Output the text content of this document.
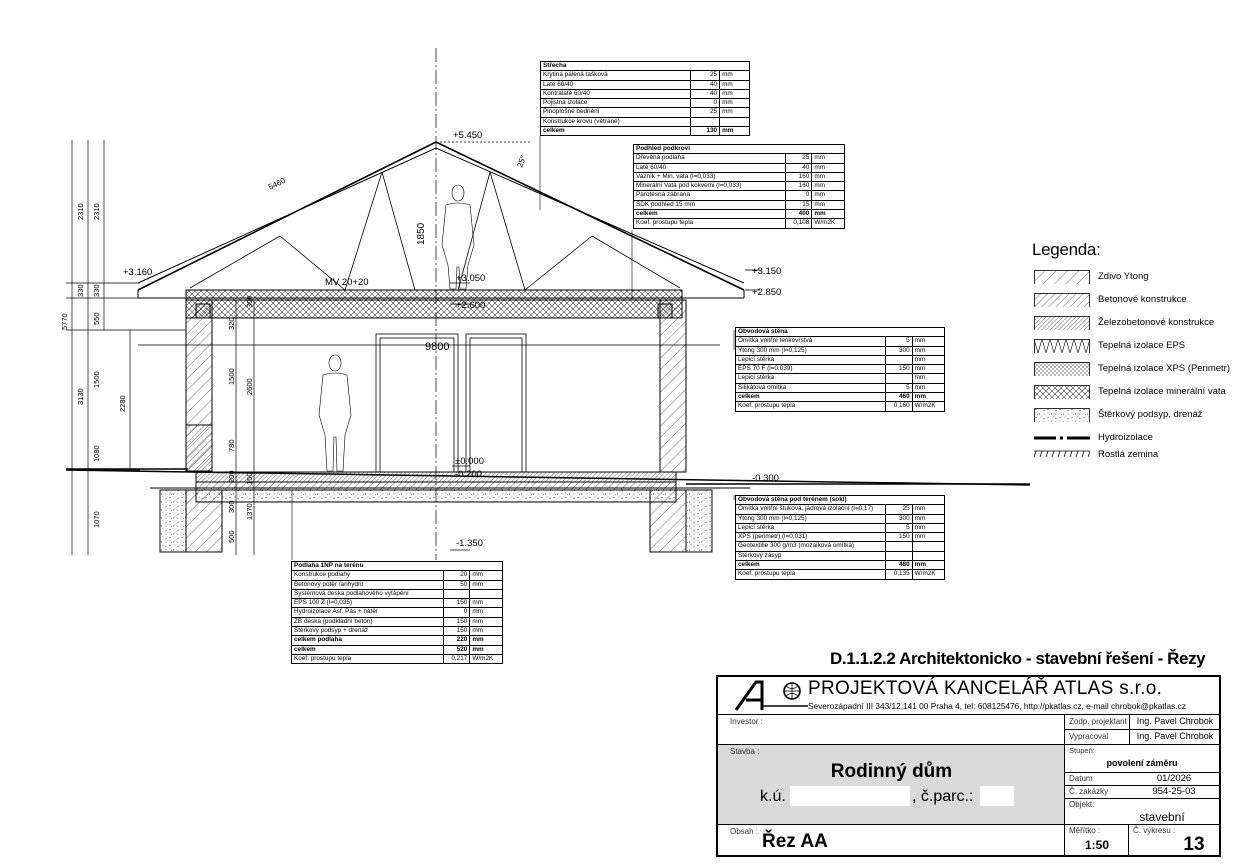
+5.450
+3.160
+3.050
+3.150
+2.850
+2.600
±0.000
-0.200	-0.300
-1.350
9800
MV 20+20
5460
25°
1850
5770
2310 2310
330 330
550
3130
1500
2280
1080
1070
320
300
1500
2600
780
200
300
150
500
1370
Střecha		
Krytina pálená tašková	25	mm
Latě 60/40	40	mm
Kontralatě 60/40	40	mm
Pojistná izolace	0	mm
Plnoplošné bednění	25	mm
Konstrukce krovu (větrané)		
celkem	130	mm
Podhled podkroví		
Dřevěná podlaha	25	mm
Latě 60/40	40	mm
Vazník + Min. vata (l=0,033)	160	mm
Minerální Vata pod kokvemi (l=0,033)	160	mm
Parotěsná zábrana	0	mm
SDK podhled 15 mm	15	mm
celkem	400	mm
Koef. prostupu tepla	0,108	W/m2K
Obvodová stěna		
Omítka vnitřní tenkovrstvá	5	mm
Ytong 300 mm (l=0,125)	300	mm
Lepicí stěrka		mm
EPS 70 F (l=0,039)	150	mm
Lepicí stěrka		mm
Silikátová omítka	5	mm
celkem	460	mm
Koef. prostupu tepla	0,160	W/m2K
Obvodová stěna pod terénem (sokl)		
Omítka vnitřní štuková, jádrová izolační (l=0,17)	25	mm
Ytong 300 mm (l=0,125)	300	mm
Lepicí stěrka	5	mm
XPS (perimetr) (l=0,031)	150	mm
Geotextilie 300 g/m3 (mozaiková omítka)		
Štěrkový zásyp		
celkem	480	mm
Koef. prostupu tepla	0,135	W/m2K
Podlaha 1NP na terénu		
Konstrukce podlahy	20	mm
Betonový potěr /anhydrit	50	mm
Systémová deska podlahového vytápění		
EPS 100 Z (l=0,035)	150	mm
Hydroizolace Asf. Pás + nátěr	0	mm
ŽB deska (podkladní beton)	150	mm
Štěrkový podsyp + drenáž	150	mm
celkem podlaha	220	mm
celkem	520	mm
Koef. prostupu tepla	0,217	W/m2K
Legenda:
Zdivo Ytong
Betonové konstrukce
Železobetonové konstrukce
Tepelná izolace EPS
Tepelná izolace XPS (Perimetr)
Tepelná izolace minerální vata
Štěrkový podsyp, drenáž
Hydroizolace
Rostlá zemina
D.1.1.2.2 Architektonicko - stavební řešení - Řezy
PROJEKTOVÁ KANCELÁŘ ATLAS s.r.o.
Severozápadní III 343/12,141 00 Praha 4, tel: 608125476, http://pkatlas.cz, e-mail chrobok@pkatlas.cz
Investor :
Stavba :
Rodinný dům
k.ú.	, č.parc.:
Obsah : Řez AA
Zodp. projektant	Ing. Pavel Chrobok
Vypracoval	Ing. Pavel Chrobok
Stupeň:
povolení záměru
Datum	01/2026
Č. zakázky	954-25-03
Objekt:
stavební
Měřítko :
1:50
Č. výkresu :
13
